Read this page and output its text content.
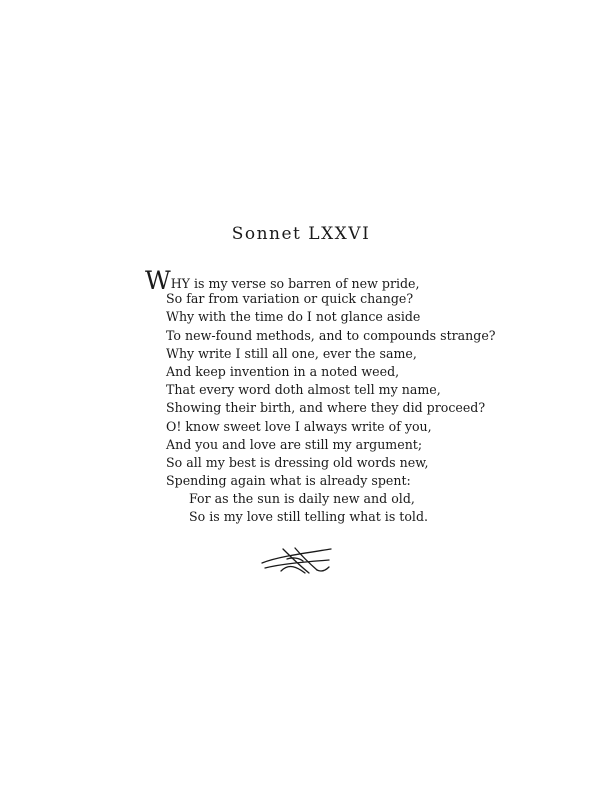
Sonnet LXXVI
WHY is my verse so barren of new pride,
So far from variation or quick change?
Why with the time do I not glance aside
To new-found methods, and to compounds strange?
Why write I still all one, ever the same,
And keep invention in a noted weed,
That every word doth almost tell my name,
Showing their birth, and where they did proceed?
O! know sweet love I always write of you,
And you and love are still my argument;
So all my best is dressing old words new,
Spending again what is already spent:
For as the sun is daily new and old,
So is my love still telling what is told.
